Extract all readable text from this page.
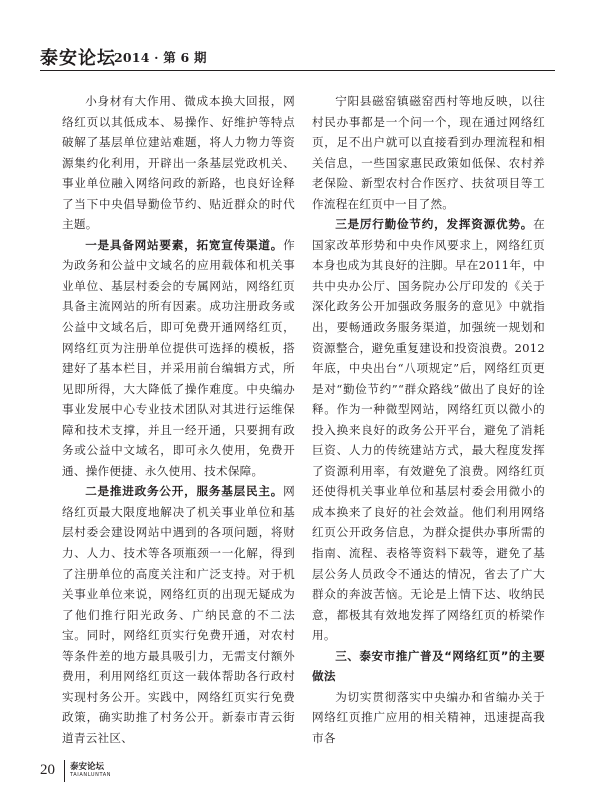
泰安论坛
2014 · 第 6 期

小身材有大作用、微成本换大回报，网络红页以其低成本、易操作、好维护等特点破解了基层单位建站难题，将人力物力等资源集约化利用，开辟出一条基层党政机关、事业单位融入网络问政的新路，也良好诠释了当下中央倡导勤俭节约、贴近群众的时代主题。

一是具备网站要素，拓宽宣传渠道。作为政务和公益中文域名的应用载体和机关事业单位、基层村委会的专属网站，网络红页具备主流网站的所有因素。成功注册政务或公益中文域名后，即可免费开通网络红页，网络红页为注册单位提供可选择的模板，搭建好了基本栏目，并采用前台编辑方式，所见即所得，大大降低了操作难度。中央编办事业发展中心专业技术团队对其进行运维保障和技术支撑，并且一经开通，只要拥有政务或公益中文域名，即可永久使用，免费开通、操作便捷、永久使用、技术保障。

二是推进政务公开，服务基层民主。网络红页最大限度地解决了机关事业单位和基层村委会建设网站中遇到的各项问题，将财力、人力、技术等各项瓶颈一一化解，得到了注册单位的高度关注和广泛支持。对于机关事业单位来说，网络红页的出现无疑成为了他们推行阳光政务、广纳民意的不二法宝。同时，网络红页实行免费开通，对农村等条件差的地方最具吸引力，无需支付额外费用，利用网络红页这一载体帮助各行政村实现村务公开。实践中，网络红页实行免费政策，确实助推了村务公开。新泰市青云街道青云社区、

宁阳县磁窑镇磁窑西村等地反映，以往村民办事都是一个问一个，现在通过网络红页，足不出户就可以直接看到办理流程和相关信息，一些国家惠民政策如低保、农村养老保险、新型农村合作医疗、扶贫项目等工作流程在红页中一目了然。

三是厉行勤俭节约，发挥资源优势。在国家改革形势和中央作风要求上，网络红页本身也成为其良好的注脚。早在2011年，中共中央办公厅、国务院办公厅印发的《关于深化政务公开加强政务服务的意见》中就指出，要畅通政务服务渠道，加强统一规划和资源整合，避免重复建设和投资浪费。2012年底，中央出台“八项规定”后，网络红页更是对“勤俭节约”“群众路线”做出了良好的诠释。作为一种微型网站，网络红页以微小的投入换来良好的政务公开平台，避免了消耗巨资、人力的传统建站方式，最大程度发挥了资源利用率，有效避免了浪费。网络红页还使得机关事业单位和基层村委会用微小的成本换来了良好的社会效益。他们利用网络红页公开政务信息，为群众提供办事所需的指南、流程、表格等资料下载等，避免了基层公务人员政令不通达的情况，省去了广大群众的奔波苦恼。无论是上情下达、收纳民意，都极其有效地发挥了网络红页的桥梁作用。

三、泰安市推广普及“网络红页”的主要做法

为切实贯彻落实中央编办和省编办关于网络红页推广应用的相关精神，迅速提高我市各

20 泰安论坛
TAIANLUNTAN
